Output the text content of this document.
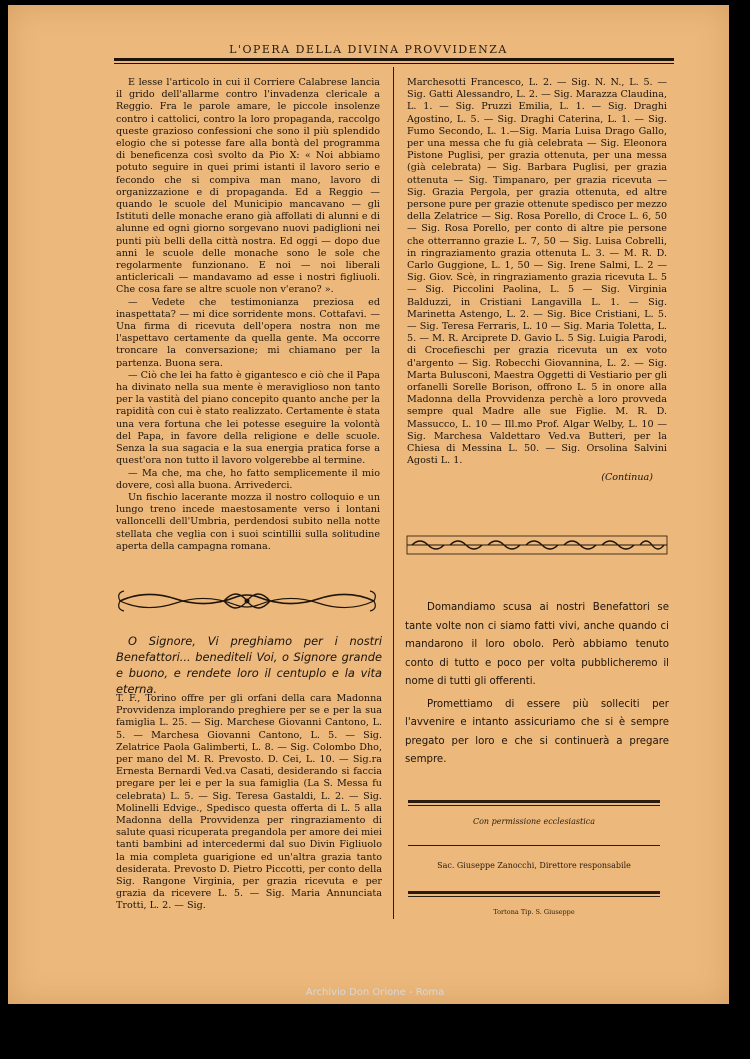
L'OPERA DELLA DIVINA PROVVIDENZA

E lesse l'articolo in cui il Corriere Calabrese lancia il grido dell'allarme contro l'invadenza clericale a Reggio. Fra le parole amare, le piccole insolenze contro i cattolici, contro la loro propaganda, raccolgo queste grazioso confessioni che sono il più splendido elogio che si potesse fare alla bontà del programma di beneficenza così svolto da Pio X: « Noi abbiamo potuto seguire in quei primi istanti il lavoro serio e fecondo che si compiva man mano, lavoro di organizzazione e di propaganda. Ed a Reggio — quando le scuole del Municipio mancavano — gli Istituti delle monache erano già affollati di alunni e di alunne ed ogni giorno sorgevano nuovi padiglioni nei punti più belli della città nostra. Ed oggi — dopo due anni le scuole delle monache sono le sole che regolarmente funzionano. E noi — noi liberali anticlericali — mandavamo ad esse i nostri figliuoli. Che cosa fare se altre scuole non v'erano? ».

— Vedete che testimonianza preziosa ed inaspettata? — mi dice sorridente mons. Cottafavi. — Una firma di ricevuta dell'opera nostra non me l'aspettavo certamente da quella gente. Ma occorre troncare la conversazione; mi chiamano per la partenza. Buona sera.

— Ciò che lei ha fatto è gigantesco e ciò che il Papa ha divinato nella sua mente è meraviglioso non tanto per la vastità del piano concepito quanto anche per la rapidità con cui è stato realizzato. Certamente è stata una vera fortuna che lei potesse eseguire la volontà del Papa, in favore della religione e delle scuole. Senza la sua sagacia e la sua energia pratica forse a quest'ora non tutto il lavoro volgerebbe al termine.

— Ma che, ma che, ho fatto semplicemente il mio dovere, così alla buona. Arrivederci.

Un fischio lacerante mozza il nostro colloquio e un lungo treno incede maestosamente verso i lontani valloncelli dell'Umbria, perdendosi subito nella notte stellata che veglia con i suoi scintillii sulla solitudine aperta della campagna romana.

O Signore, Vi preghiamo per i nostri Benefattori... benediteli Voi, o Signore grande e buono, e rendete loro il centuplo e la vita eterna.

T. F., Torino offre per gli orfani della cara Madonna Provvidenza implorando preghiere per se e per la sua famiglia L. 25. — Sig. Marchese Giovanni Cantono, L. 5. — Marchesa Giovanni Cantono, L. 5. — Sig. Zelatrice Paola Galimberti, L. 8. — Sig. Colombo Dho, per mano del M. R. Prevosto. D. Cei, L. 10. — Sig.ra Ernesta Bernardi Ved.va Casati, desiderando si faccia pregare per lei e per la sua famiglia (La S. Messa fu celebrata) L. 5. — Sig. Teresa Gastaldi, L. 2. — Sig. Molinelli Edvige., Spedisco questa offerta di L. 5 alla Madonna della Provvidenza per ringraziamento di salute quasi ricuperata pregandola per amore dei miei tanti bambini ad intercedermi dal suo Divin Figliuolo la mia completa guarigione ed un'altra grazia tanto desiderata. Prevosto D. Pietro Piccotti, per conto della Sig. Rangone Virginia, per grazia ricevuta e per grazia da ricevere L. 5. — Sig. Maria Annunciata Trotti, L. 2. — Sig.

Marchesotti Francesco, L. 2. — Sig. N. N., L. 5. — Sig. Gatti Alessandro, L. 2. — Sig. Marazza Claudina, L. 1. — Sig. Pruzzi Emilia, L. 1. — Sig. Draghi Agostino, L. 5. — Sig. Draghi Caterina, L. 1. — Sig. Fumo Secondo, L. 1.—Sig. Maria Luisa Drago Gallo, per una messa che fu già celebrata — Sig. Eleonora Pistone Puglisi, per grazia ottenuta, per una messa (già celebrata) — Sig. Barbara Puglisi, per grazia ottenuta — Sig. Timpanaro, per grazia ricevuta — Sig. Grazia Pergola, per grazia ottenuta, ed altre persone pure per grazie ottenute spedisco per mezzo della Zelatrice — Sig. Rosa Porello, di Croce L. 6, 50 — Sig. Rosa Porello, per conto di altre pie persone che otterranno grazie L. 7, 50 — Sig. Luisa Cobrelli, in ringraziamento grazia ottenuta L. 3. — M. R. D. Carlo Guggione, L. 1, 50 — Sig. Irene Salmi, L. 2 — Sig. Giov. Scè, in ringraziamento grazia ricevuta L. 5 — Sig. Piccolini Paolina, L. 5 — Sig. Virginia Balduzzi, in Cristiani Langavilla L. 1. — Sig. Marinetta Astengo, L. 2. — Sig. Bice Cristiani, L. 5. — Sig. Teresa Ferraris, L. 10 — Sig. Maria Toletta, L. 5. — M. R. Arciprete D. Gavio L. 5 Sig. Luigia Parodi, di Crocefieschi per grazia ricevuta un ex voto d'argento — Sig. Robecchi Giovannina, L. 2. — Sig. Marta Bulusconi, Maestra Oggetti di Vestiario per gli orfanelli Sorelle Borison, offrono L. 5 in onore alla Madonna della Provvidenza perchè a loro provveda sempre qual Madre alle sue Figlie. M. R. D. Massucco, L. 10 — Ill.mo Prof. Algar Welby, L. 10 — Sig. Marchesa Valdettaro Ved.va Butteri, per la Chiesa di Messina L. 50. — Sig. Orsolina Salvini Agosti L. 1.

(Continua)

Domandiamo scusa ai nostri Benefattori se tante volte non ci siamo fatti vivi, anche quando ci mandarono il loro obolo. Però abbiamo tenuto conto di tutto e poco per volta pubblicheremo il nome di tutti gli offerenti.

Promettiamo di essere più solleciti per l'avvenire e intanto assicuriamo che si è sempre pregato per loro e che si continuerà a pregare sempre.

Con permissione ecclesiastica
Sac. Giuseppe Zanocchi, Direttore responsabile
Tortona Tip. S. Giuseppe
Archivio Don Orione - Roma
